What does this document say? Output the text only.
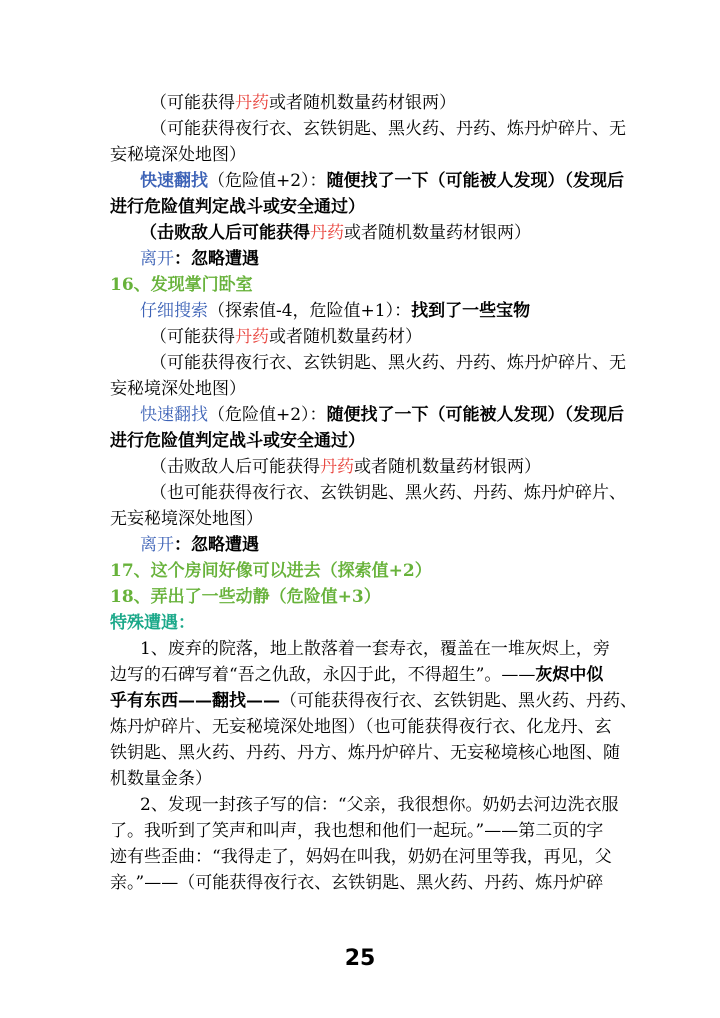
（可能获得丹药或者随机数量药材银两）
（可能获得夜行衣、玄铁钥匙、黑火药、丹药、炼丹炉碎片、无
妄秘境深处地图）
快速翻找（危险值+2）：随便找了一下（可能被人发现）（发现后
进行危险值判定战斗或安全通过）
（击败敌人后可能获得丹药或者随机数量药材银两）
离开：忽略遭遇
16、发现掌门卧室
仔细搜索（探索值-4，危险值+1）：找到了一些宝物
（可能获得丹药或者随机数量药材）
（可能获得夜行衣、玄铁钥匙、黑火药、丹药、炼丹炉碎片、无
妄秘境深处地图）
快速翻找（危险值+2）：随便找了一下（可能被人发现）（发现后
进行危险值判定战斗或安全通过）
（击败敌人后可能获得丹药或者随机数量药材银两）
（也可能获得夜行衣、玄铁钥匙、黑火药、丹药、炼丹炉碎片、
无妄秘境深处地图）
离开：忽略遭遇
17、这个房间好像可以进去（探索值+2）
18、弄出了一些动静（危险值+3）
特殊遭遇：
1、废弃的院落，地上散落着一套寿衣，覆盖在一堆灰烬上，旁
边写的石碑写着“吾之仇敌，永囚于此，不得超生”。——灰烬中似
乎有东西——翻找——（可能获得夜行衣、玄铁钥匙、黑火药、丹药、
炼丹炉碎片、无妄秘境深处地图）（也可能获得夜行衣、化龙丹、玄
铁钥匙、黑火药、丹药、丹方、炼丹炉碎片、无妄秘境核心地图、随
机数量金条）
2、发现一封孩子写的信：“父亲，我很想你。奶奶去河边洗衣服
了。我听到了笑声和叫声，我也想和他们一起玩。”——第二页的字
迹有些歪曲：“我得走了，妈妈在叫我，奶奶在河里等我，再见，父
亲。”——（可能获得夜行衣、玄铁钥匙、黑火药、丹药、炼丹炉碎
25
